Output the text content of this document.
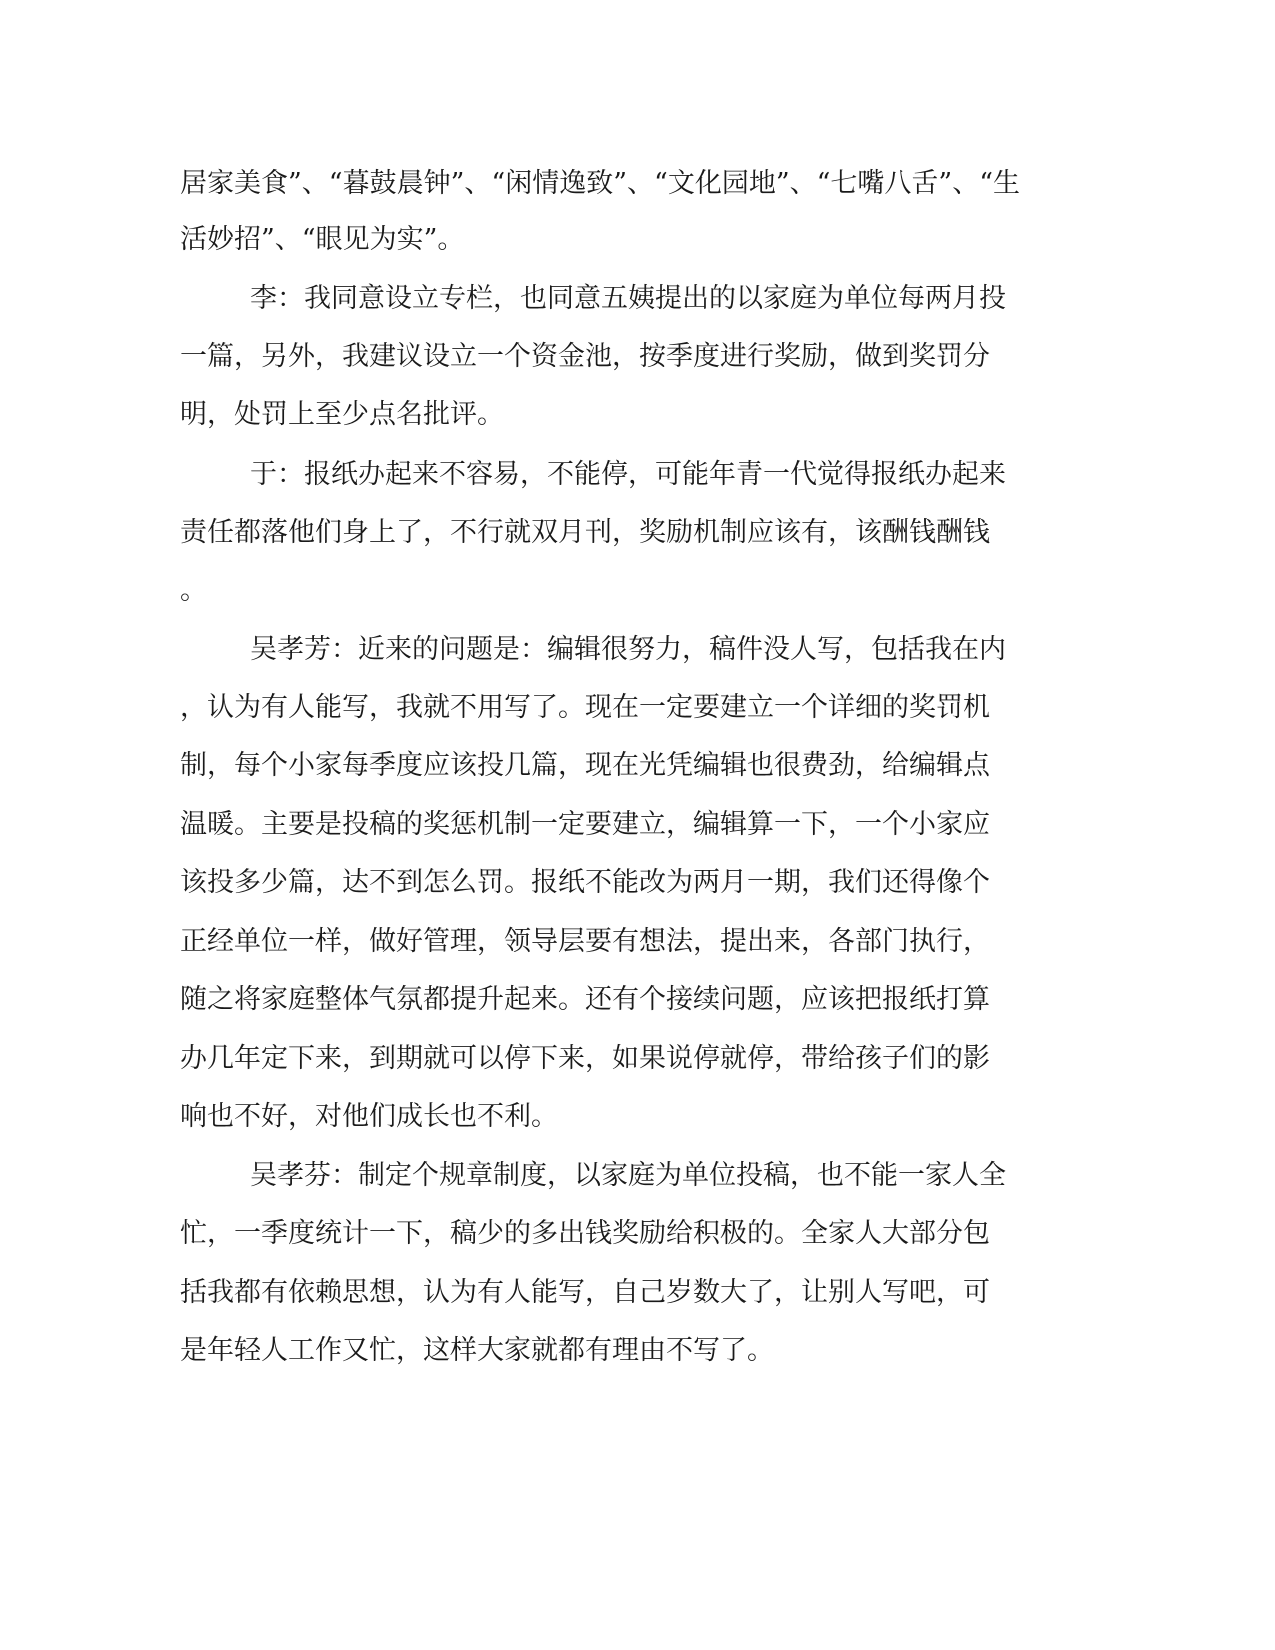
居家美食”、“暮鼓晨钟”、“闲情逸致”、“文化园地”、“七嘴八舌”、“生
活妙招”、“眼见为实”。
李：我同意设立专栏，也同意五姨提出的以家庭为单位每两月投
一篇，另外，我建议设立一个资金池，按季度进行奖励，做到奖罚分
明，处罚上至少点名批评。
于：报纸办起来不容易，不能停，可能年青一代觉得报纸办起来
责任都落他们身上了，不行就双月刊，奖励机制应该有，该酬钱酬钱
。
吴孝芳：近来的问题是：编辑很努力，稿件没人写，包括我在内
，认为有人能写，我就不用写了。现在一定要建立一个详细的奖罚机
制，每个小家每季度应该投几篇，现在光凭编辑也很费劲，给编辑点
温暖。主要是投稿的奖惩机制一定要建立，编辑算一下，一个小家应
该投多少篇，达不到怎么罚。报纸不能改为两月一期，我们还得像个
正经单位一样，做好管理，领导层要有想法，提出来，各部门执行，
随之将家庭整体气氛都提升起来。还有个接续问题，应该把报纸打算
办几年定下来，到期就可以停下来，如果说停就停，带给孩子们的影
响也不好，对他们成长也不利。
吴孝芬：制定个规章制度，以家庭为单位投稿，也不能一家人全
忙，一季度统计一下，稿少的多出钱奖励给积极的。全家人大部分包
括我都有依赖思想，认为有人能写，自己岁数大了，让别人写吧，可
是年轻人工作又忙，这样大家就都有理由不写了。
